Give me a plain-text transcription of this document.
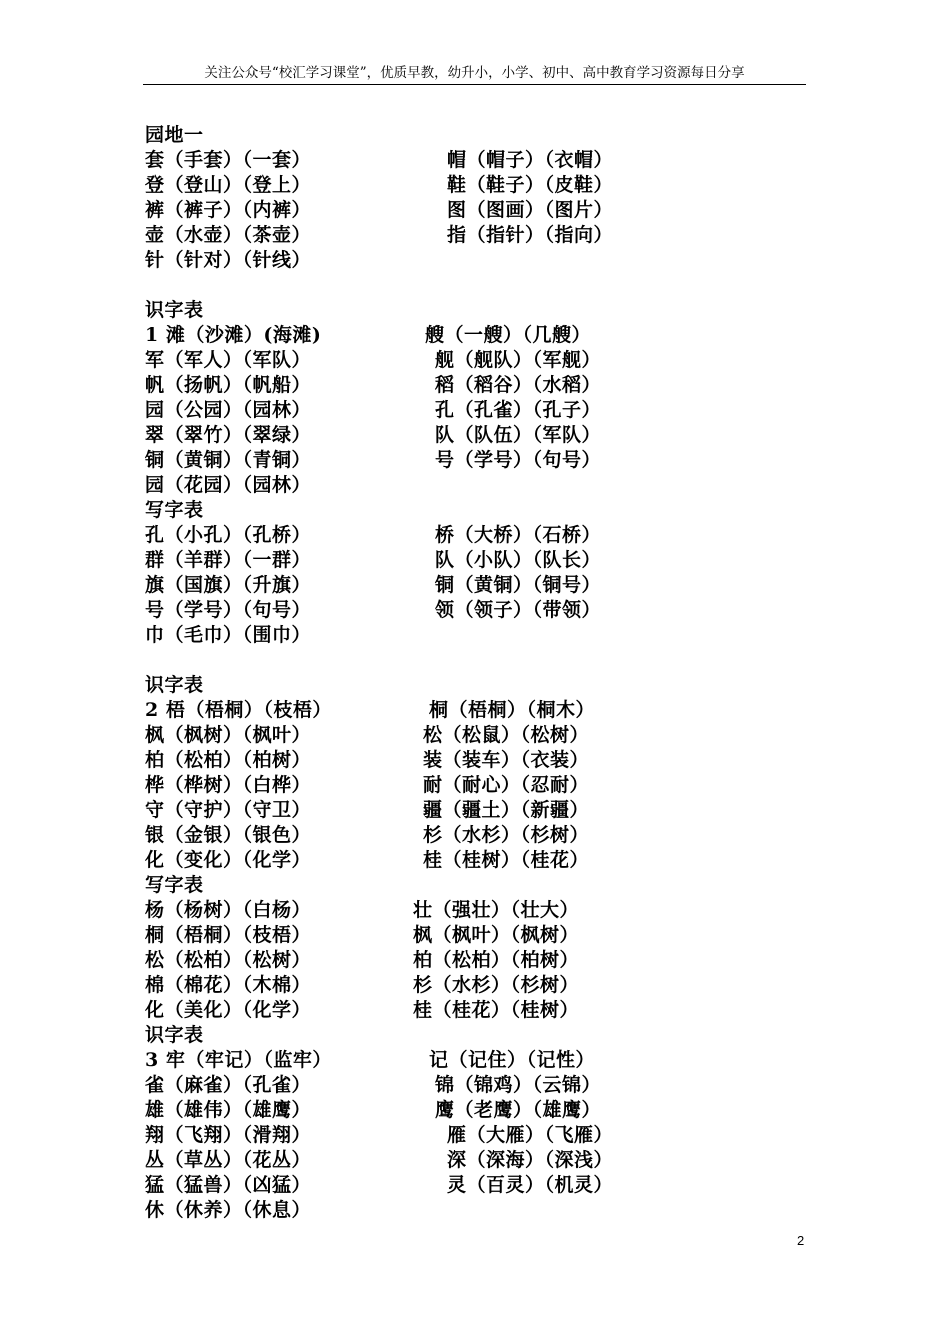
关注公众号“校汇学习课堂”，优质早教，幼升小，小学、初中、高中教育学习资源每日分享
园地一
套（手套）（一套）	帽（帽子）（衣帽）
登（登山）（登上）	鞋（鞋子）（皮鞋）
裤（裤子）（内裤）	图（图画）（图片）
壶（水壶）（茶壶）	指（指针）（指向）
针（针对）（针线）
识字表
1 滩（沙滩）(海滩)	艘（一艘）（几艘）
军（军人）（军队）	舰（舰队）（军舰）
帆（扬帆）（帆船）	稻（稻谷）（水稻）
园（公园）（园林）	孔（孔雀）（孔子）
翠（翠竹）（翠绿）	队（队伍）（军队）
铜（黄铜）（青铜）	号（学号）（句号）
园（花园）（园林）
写字表
孔（小孔）（孔桥）	桥（大桥）（石桥）
群（羊群）（一群）	队（小队）（队长）
旗（国旗）（升旗）	铜（黄铜）（铜号）
号（学号）（句号）	领（领子）（带领）
巾（毛巾）（围巾）
识字表
2 梧（梧桐）（枝梧）	桐（梧桐）（桐木）
枫（枫树）（枫叶）	松（松鼠）（松树）
柏（松柏）（柏树）	装（装车）（衣装）
桦（桦树）（白桦）	耐（耐心）（忍耐）
守（守护）（守卫）	疆（疆土）（新疆）
银（金银）（银色）	杉（水杉）（杉树）
化（变化）（化学）	桂（桂树）（桂花）
写字表
杨（杨树）（白杨）	壮（强壮）（壮大）
桐（梧桐）（枝梧）	枫（枫叶）（枫树）
松（松柏）（松树）	柏（松柏）（柏树）
棉（棉花）（木棉）	杉（水杉）（杉树）
化（美化）（化学）	桂（桂花）（桂树）
识字表
3 牢（牢记）（监牢）	记（记住）（记性）
雀（麻雀）（孔雀）	锦（锦鸡）（云锦）
雄（雄伟）（雄鹰）	鹰（老鹰）（雄鹰）
翔（飞翔）（滑翔）	雁（大雁）（飞雁）
丛（草丛）（花丛）	深（深海）（深浅）
猛（猛兽）（凶猛）	灵（百灵）（机灵）
休（休养）（休息）
2
